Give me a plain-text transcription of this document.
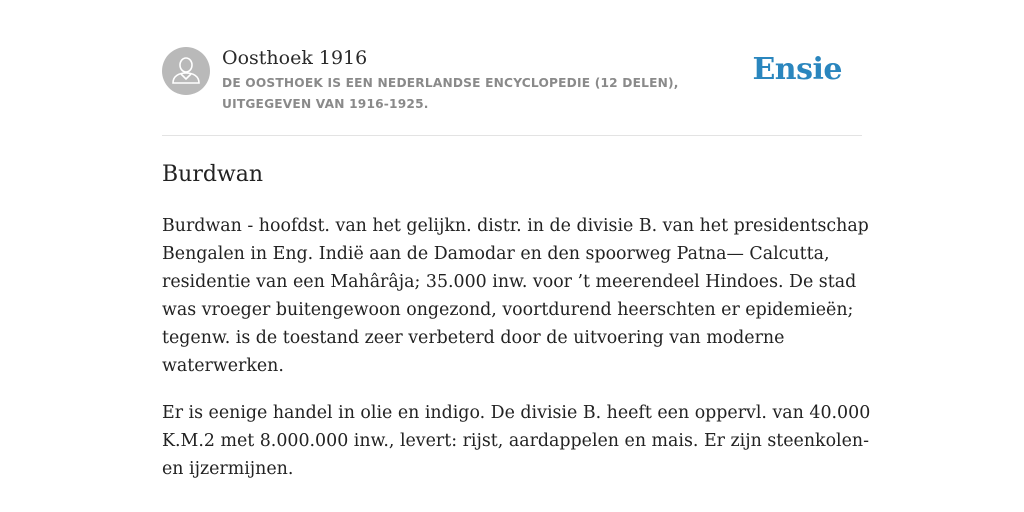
Oosthoek 1916
DE OOSTHOEK IS EEN NEDERLANDSE ENCYCLOPEDIE (12 DELEN), UITGEGEVEN VAN 1916-1925.
Ensie
Burdwan

Burdwan - hoofdst. van het gelijkn. distr. in de divisie B. van het presidentschap
Bengalen in Eng. Indië aan de Damodar en den spoorweg Patna— Calcutta,
residentie van een Mahârâja; 35.000 inw. voor ’t meerendeel Hindoes. De stad
was vroeger buitengewoon ongezond, voortdurend heerschten er epidemieën;
tegenw. is de toestand zeer verbeterd door de uitvoering van moderne
waterwerken.

Er is eenige handel in olie en indigo. De divisie B. heeft een oppervl. van 40.000
K.M.2 met 8.000.000 inw., levert: rijst, aardappelen en mais. Er zijn steenkolen-
en ijzermijnen.
